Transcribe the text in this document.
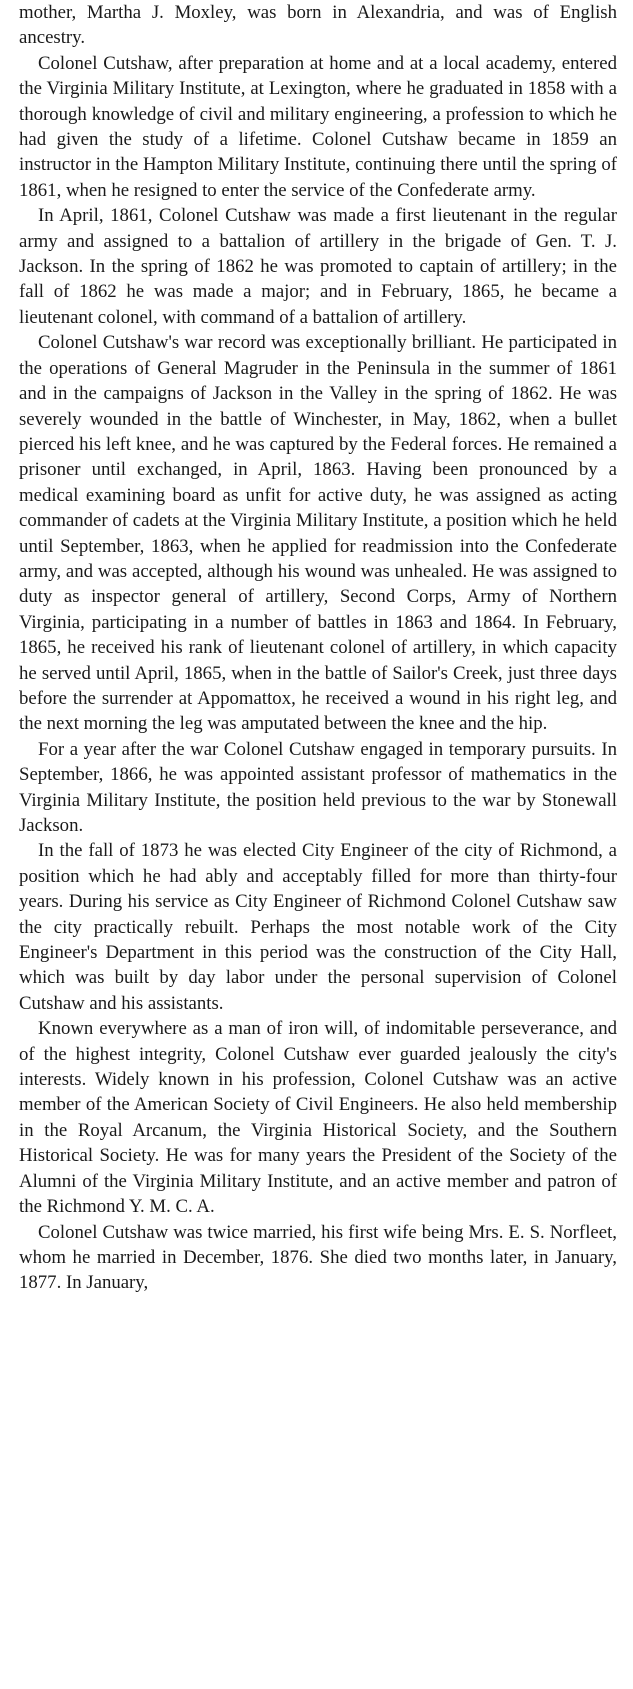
mother, Martha J. Moxley, was born in Alexandria, and was of English ancestry.

Colonel Cutshaw, after preparation at home and at a local academy, entered the Virginia Military Institute, at Lexington, where he graduated in 1858 with a thorough knowledge of civil and military engineering, a profession to which he had given the study of a lifetime. Colonel Cutshaw became in 1859 an instructor in the Hampton Military Institute, continuing there until the spring of 1861, when he resigned to enter the service of the Confederate army.

In April, 1861, Colonel Cutshaw was made a first lieutenant in the regular army and assigned to a battalion of artillery in the brigade of Gen. T. J. Jackson. In the spring of 1862 he was promoted to captain of artillery; in the fall of 1862 he was made a major; and in February, 1865, he became a lieutenant colonel, with command of a battalion of artillery.

Colonel Cutshaw's war record was exceptionally brilliant. He participated in the operations of General Magruder in the Peninsula in the summer of 1861 and in the campaigns of Jackson in the Valley in the spring of 1862. He was severely wounded in the battle of Winchester, in May, 1862, when a bullet pierced his left knee, and he was captured by the Federal forces. He remained a prisoner until exchanged, in April, 1863. Having been pronounced by a medical examining board as unfit for active duty, he was assigned as acting commander of cadets at the Virginia Military Institute, a position which he held until September, 1863, when he applied for readmission into the Confederate army, and was accepted, although his wound was unhealed. He was assigned to duty as inspector general of artillery, Second Corps, Army of Northern Virginia, participating in a number of battles in 1863 and 1864. In February, 1865, he received his rank of lieutenant colonel of artillery, in which capacity he served until April, 1865, when in the battle of Sailor's Creek, just three days before the surrender at Appomattox, he received a wound in his right leg, and the next morning the leg was amputated between the knee and the hip.

For a year after the war Colonel Cutshaw engaged in temporary pursuits. In September, 1866, he was appointed assistant professor of mathematics in the Virginia Military Institute, the position held previous to the war by Stonewall Jackson.

In the fall of 1873 he was elected City Engineer of the city of Richmond, a position which he had ably and acceptably filled for more than thirty-four years. During his service as City Engineer of Richmond Colonel Cutshaw saw the city practically rebuilt. Perhaps the most notable work of the City Engineer's Department in this period was the construction of the City Hall, which was built by day labor under the personal supervision of Colonel Cutshaw and his assistants.

Known everywhere as a man of iron will, of indomitable perseverance, and of the highest integrity, Colonel Cutshaw ever guarded jealously the city's interests. Widely known in his profession, Colonel Cutshaw was an active member of the American Society of Civil Engineers. He also held membership in the Royal Arcanum, the Virginia Historical Society, and the Southern Historical Society. He was for many years the President of the Society of the Alumni of the Virginia Military Institute, and an active member and patron of the Richmond Y. M. C. A.

Colonel Cutshaw was twice married, his first wife being Mrs. E. S. Norfleet, whom he married in December, 1876. She died two months later, in January, 1877. In January,
